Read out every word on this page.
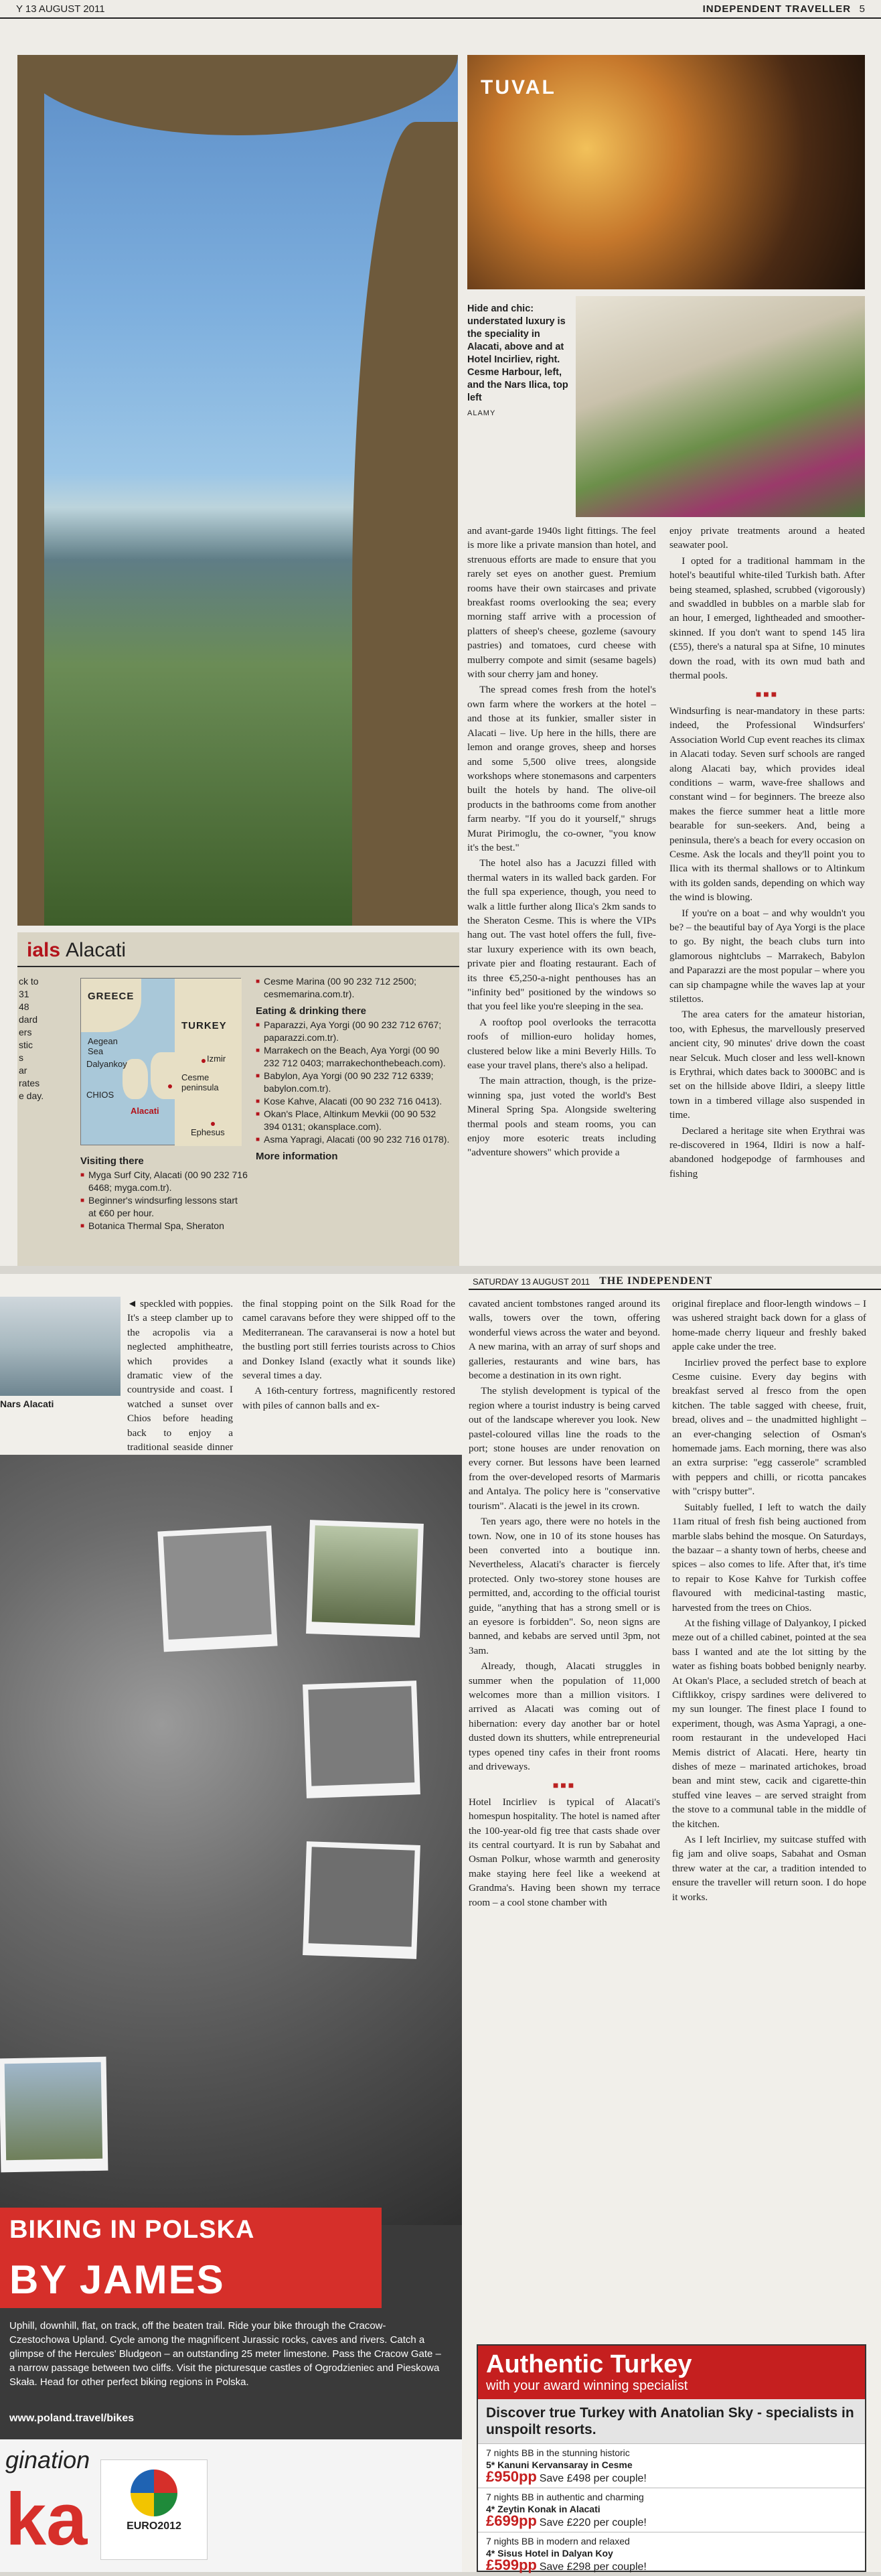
Y 13 AUGUST 2011	INDEPENDENT TRAVELLER 5
TUVAL
Hide and chic: understated luxury is the speciality in Alacati, above and at Hotel Incirliev, right. Cesme Harbour, left, and the Nars Ilica, top left
ALAMY

and avant-garde 1940s light fittings. The feel is more like a private mansion than hotel, and strenuous efforts are made to ensure that you rarely set eyes on another guest. Premium rooms have their own staircases and private breakfast rooms overlooking the sea; every morning staff arrive with a procession of platters of sheep's cheese, gozleme (savoury pastries) and tomatoes, curd cheese with mulberry compote and simit (sesame bagels) with sour cherry jam and honey.

The spread comes fresh from the hotel's own farm where the workers at the hotel – and those at its funkier, smaller sister in Alacati – live. Up here in the hills, there are lemon and orange groves, sheep and horses and some 5,500 olive trees, alongside workshops where stonemasons and carpenters built the hotels by hand. The olive-oil products in the bathrooms come from another farm nearby. "If you do it yourself," shrugs Murat Pirimoglu, the co-owner, "you know it's the best."

The hotel also has a Jacuzzi filled with thermal waters in its walled back garden. For the full spa experience, though, you need to walk a little further along Ilica's 2km sands to the Sheraton Cesme. This is where the VIPs hang out. The vast hotel offers the full, five-star luxury experience with its own beach, private pier and floating restaurant. Each of its three €5,250-a-night penthouses has an "infinity bed" positioned by the windows so that you feel like you're sleeping in the sea.

A rooftop pool overlooks the terracotta roofs of million-euro holiday homes, clustered below like a mini Beverly Hills. To ease your travel plans, there's also a helipad.

The main attraction, though, is the prize-winning spa, just voted the world's Best Mineral Spring Spa. Alongside sweltering thermal pools and steam rooms, you can enjoy more esoteric treats including "adventure showers" which provide a

enjoy private treatments around a heated seawater pool.

I opted for a traditional hammam in the hotel's beautiful white-tiled Turkish bath. After being steamed, splashed, scrubbed (vigorously) and swaddled in bubbles on a marble slab for an hour, I emerged, lightheaded and smoother-skinned. If you don't want to spend 145 lira (£55), there's a natural spa at Sifne, 10 minutes down the road, with its own mud bath and thermal pools.

■■■

Windsurfing is near-mandatory in these parts: indeed, the Professional Windsurfers' Association World Cup event reaches its climax in Alacati today. Seven surf schools are ranged along Alacati bay, which provides ideal conditions – warm, wave-free shallows and constant wind – for beginners. The breeze also makes the fierce summer heat a little more bearable for sun-seekers. And, being a peninsula, there's a beach for every occasion on Cesme. Ask the locals and they'll point you to Ilica with its thermal shallows or to Altinkum with its golden sands, depending on which way the wind is blowing.

If you're on a boat – and why wouldn't you be? – the beautiful bay of Aya Yorgi is the place to go. By night, the beach clubs turn into glamorous nightclubs – Marrakech, Babylon and Paparazzi are the most popular – where you can sip champagne while the waves lap at your stilettos.

The area caters for the amateur historian, too, with Ephesus, the marvellously preserved ancient city, 90 minutes' drive down the coast near Selcuk. Much closer and less well-known is Erythrai, which dates back to 3000BC and is set on the hillside above Ildiri, a sleepy little town in a timbered village also suspended in time.

Declared a heritage site when Erythrai was re-discovered in 1964, Ildiri is now a half-abandoned hodgepodge of farmhouses and fishing

ials Alacati
ck to
31
48
dard
ers
stic
s
ar
rates
e day.
GREECE
TURKEY
Aegean Sea
CHIOS
Dalyankoy
Izmir
Alacati
Cesme peninsula
Ephesus
Visiting there
■ Myga Surf City, Alacati (00 90 232 716 6468; myga.com.tr).
■ Beginner's windsurfing lessons start at €60 per hour.
■ Botanica Thermal Spa, Sheraton
■ Cesme Marina (00 90 232 712 2500; cesmemarina.com.tr).
Eating & drinking there
■ Paparazzi, Aya Yorgi (00 90 232 712 6767; paparazzi.com.tr).
■ Marrakech on the Beach, Aya Yorgi (00 90 232 712 0403; marrakechonthebeach.com).
■ Babylon, Aya Yorgi (00 90 232 712 6339; babylon.com.tr).
■ Kose Kahve, Alacati (00 90 232 716 0413).
■ Okan's Place, Altinkum Mevkii (00 90 532 394 0131; okansplace.com).
■ Asma Yapragi, Alacati (00 90 232 716 0178).
More information
SATURDAY 13 AUGUST 2011 THE INDEPENDENT
Nars Alacati

◄ speckled with poppies. It's a steep clamber up to the acropolis via a neglected amphitheatre, which provides a dramatic view of the countryside and coast. I watched a sunset over Chios before heading back to enjoy a traditional seaside dinner

the final stopping point on the Silk Road for the camel caravans before they were shipped off to the Mediterranean. The caravanserai is now a hotel but the bustling port still ferries tourists across to Chios and Donkey Island (exactly what it sounds like) several times a day.

A 16th-century fortress, magnificently restored with piles of cannon balls and ex-

cavated ancient tombstones ranged around its walls, towers over the town, offering wonderful views across the water and beyond. A new marina, with an array of surf shops and galleries, restaurants and wine bars, has become a destination in its own right.

The stylish development is typical of the region where a tourist industry is being carved out of the landscape wherever you look. New pastel-coloured villas line the roads to the port; stone houses are under renovation on every corner. But lessons have been learned from the over-developed resorts of Marmaris and Antalya. The policy here is "conservative tourism". Alacati is the jewel in its crown.

Ten years ago, there were no hotels in the town. Now, one in 10 of its stone houses has been converted into a boutique inn. Nevertheless, Alacati's character is fiercely protected. Only two-storey stone houses are permitted, and, according to the official tourist guide, "anything that has a strong smell or is an eyesore is forbidden". So, neon signs are banned, and kebabs are served until 3pm, not 3am.

Already, though, Alacati struggles in summer when the population of 11,000 welcomes more than a million visitors. I arrived as Alacati was coming out of hibernation: every day another bar or hotel dusted down its shutters, while entrepreneurial types opened tiny cafes in their front rooms and driveways.

■■■

Hotel Incirliev is typical of Alacati's homespun hospitality. The hotel is named after the 100-year-old fig tree that casts shade over its central courtyard. It is run by Sabahat and Osman Polkur, whose warmth and generosity make staying here feel like a weekend at Grandma's. Having been shown my terrace room – a cool stone chamber with

original fireplace and floor-length windows – I was ushered straight back down for a glass of home-made cherry liqueur and freshly baked apple cake under the tree.

Incirliev proved the perfect base to explore Cesme cuisine. Every day begins with breakfast served al fresco from the open kitchen. The table sagged with cheese, fruit, bread, olives and – the unadmitted highlight – an ever-changing selection of Osman's homemade jams. Each morning, there was also an extra surprise: "egg casserole" scrambled with peppers and chilli, or ricotta pancakes with "crispy butter".

Suitably fuelled, I left to watch the daily 11am ritual of fresh fish being auctioned from marble slabs behind the mosque. On Saturdays, the bazaar – a shanty town of herbs, cheese and spices – also comes to life. After that, it's time to repair to Kose Kahve for Turkish coffee flavoured with medicinal-tasting mastic, harvested from the trees on Chios.

At the fishing village of Dalyankoy, I picked meze out of a chilled cabinet, pointed at the sea bass I wanted and ate the lot sitting by the water as fishing boats bobbed benignly nearby. At Okan's Place, a secluded stretch of beach at Ciftlikkoy, crispy sardines were delivered to my sun lounger. The finest place I found to experiment, though, was Asma Yapragi, a one-room restaurant in the undeveloped Haci Memis district of Alacati. Here, hearty tin dishes of meze – marinated artichokes, broad bean and mint stew, cacik and cigarette-thin stuffed vine leaves – are served straight from the stove to a communal table in the middle of the kitchen.

As I left Incirliev, my suitcase stuffed with fig jam and olive soaps, Sabahat and Osman threw water at the car, a tradition intended to ensure the traveller will return soon. I do hope it works.

BIKING IN POLSKA
BY JAMES
Uphill, downhill, flat, on track, off the beaten trail. Ride your bike through the Cracow-Czestochowa Upland. Cycle among the magnificent Jurassic rocks, caves and rivers. Catch a glimpse of the Hercules' Bludgeon – an outstanding 25 meter limestone. Pass the Cracow Gate – a narrow passage between two cliffs. Visit the picturesque castles of Ogrodzieniec and Pieskowa Skała. Head for other perfect biking regions in Polska.
www.poland.travel/bikes
gination
ka	EURO2012
Authentic Turkey
with your award winning specialist
Discover true Turkey with Anatolian Sky - specialists in unspoilt resorts.
7 nights BB in the stunning historic
5* Kanuni Kervansaray in Cesme
£950pp Save £498 per couple!
7 nights BB in authentic and charming
4* Zeytin Konak in Alacati
£699pp Save £220 per couple!
7 nights BB in modern and relaxed
4* Sisus Hotel in Dalyan Koy
£599pp Save £298 per couple!
